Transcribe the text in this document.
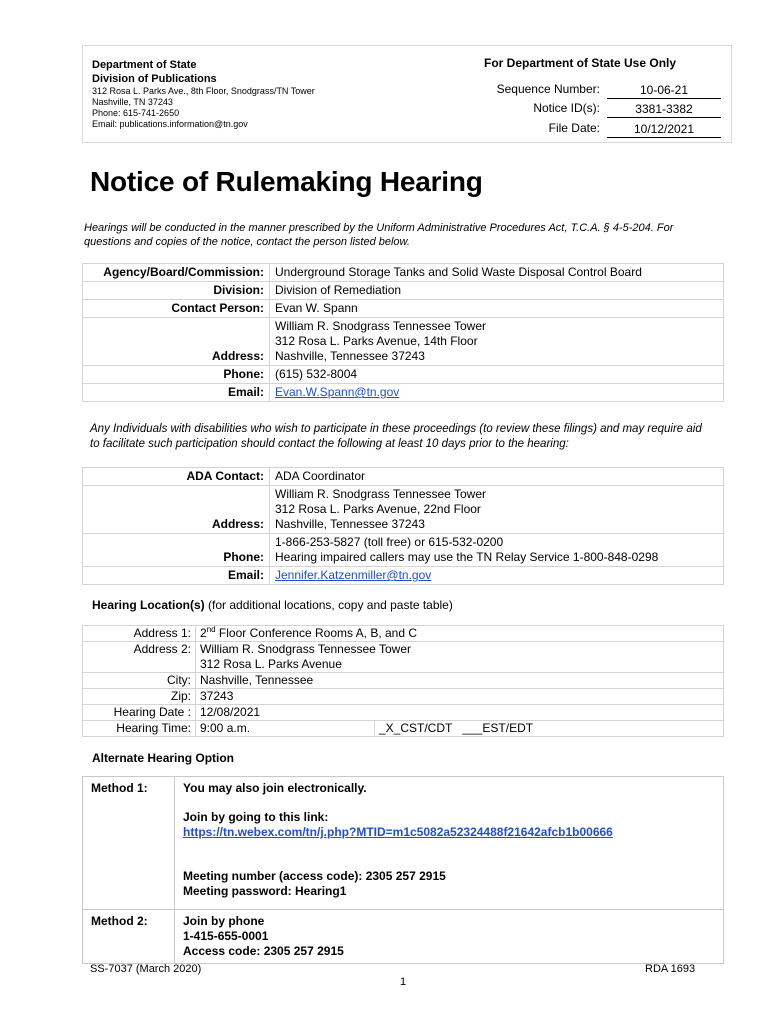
Department of State
Division of Publications
312 Rosa L. Parks Ave., 8th Floor, Snodgrass/TN Tower
Nashville, TN 37243
Phone: 615-741-2650
Email: publications.information@tn.gov
For Department of State Use Only
Sequence Number:	10-06-21
Notice ID(s):	3381-3382
File Date:	10/12/2021
Notice of Rulemaking Hearing
Hearings will be conducted in the manner prescribed by the Uniform Administrative Procedures Act, T.C.A. § 4-5-204. For questions and copies of the notice, contact the person listed below.
Agency/Board/Commission:	Underground Storage Tanks and Solid Waste Disposal Control Board
Division:	Division of Remediation
Contact Person:	Evan W. Spann
Address:	William R. Snodgrass Tennessee Tower
312 Rosa L. Parks Avenue, 14th Floor
Nashville, Tennessee 37243

Phone:	(615) 532-8004
Email:	Evan.W.Spann@tn.gov
Any Individuals with disabilities who wish to participate in these proceedings (to review these filings) and may require aid to facilitate such participation should contact the following at least 10 days prior to the hearing:
ADA Contact:	ADA Coordinator
Address:	William R. Snodgrass Tennessee Tower
312 Rosa L. Parks Avenue, 22nd Floor
Nashville, Tennessee 37243

Phone:	1-866-253-5827 (toll free) or 615-532-0200
Hearing impaired callers may use the TN Relay Service 1-800-848-0298

Email:	Jennifer.Katzenmiller@tn.gov
Hearing Location(s) (for additional locations, copy and paste table)
Address 1:	2nd Floor Conference Rooms A, B, and C	
Address 2:	William R. Snodgrass Tennessee Tower
312 Rosa L. Parks Avenue	

City:	Nashville, Tennessee	
Zip:	37243	
Hearing Date :	12/08/2021	
Hearing Time:	9:00 a.m.	_X_CST/CDT ___EST/EDT
Alternate Hearing Option
Method 1:	You may also join electronically.
Join by going to this link:
https://tn.webex.com/tn/j.php?MTID=m1c5082a52324488f21642afcb1b00666
Meeting number (access code): 2305 257 2915
Meeting password: Hearing1

Method 2:	Join by phone
1-415-655-0001
Access code: 2305 257 2915
SS-7037 (March 2020)
1
RDA 1693
